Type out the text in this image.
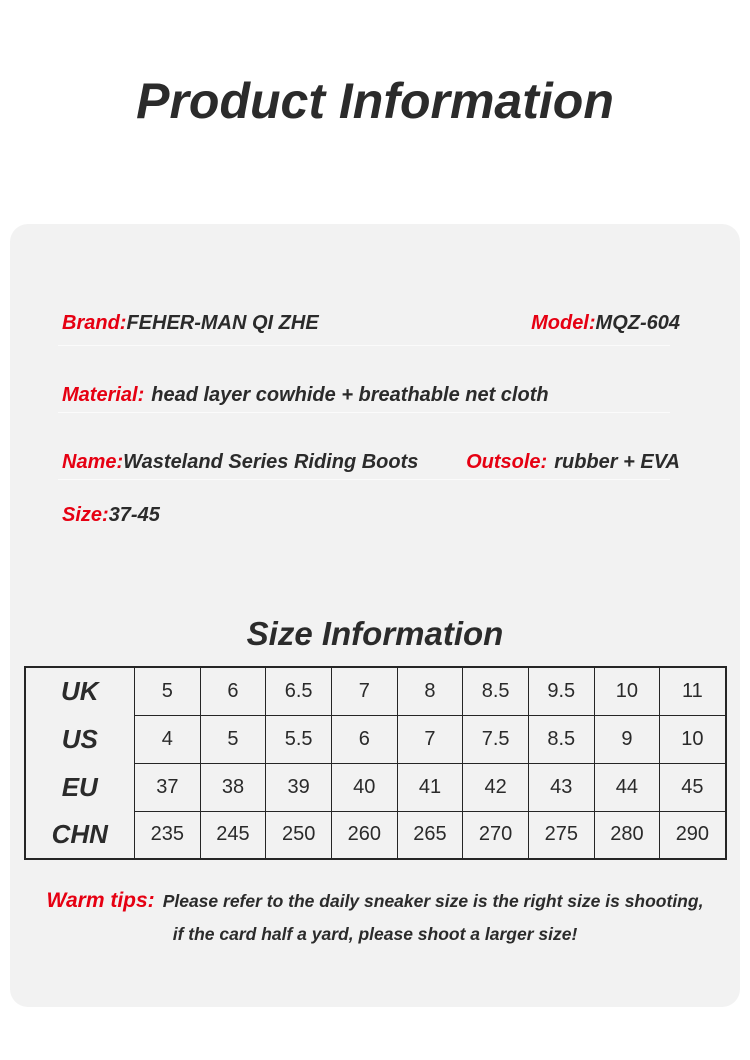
Product Information
Brand:FEHER-MAN QI ZHE	Model:MQZ-604
Material: head layer cowhide + breathable net cloth
Name:Wasteland Series Riding Boots Outsole: rubber + EVA
Size:37-45
Size Information
UK	5	6	6.5	7	8	8.5	9.5	10	11
US	4	5	5.5	6	7	7.5	8.5	9	10
EU	37	38	39	40	41	42	43	44	45
CHN	235	245	250	260	265	270	275	280	290
Warm tips: Please refer to the daily sneaker size is the right size is shooting,
if the card half a yard, please shoot a larger size!
